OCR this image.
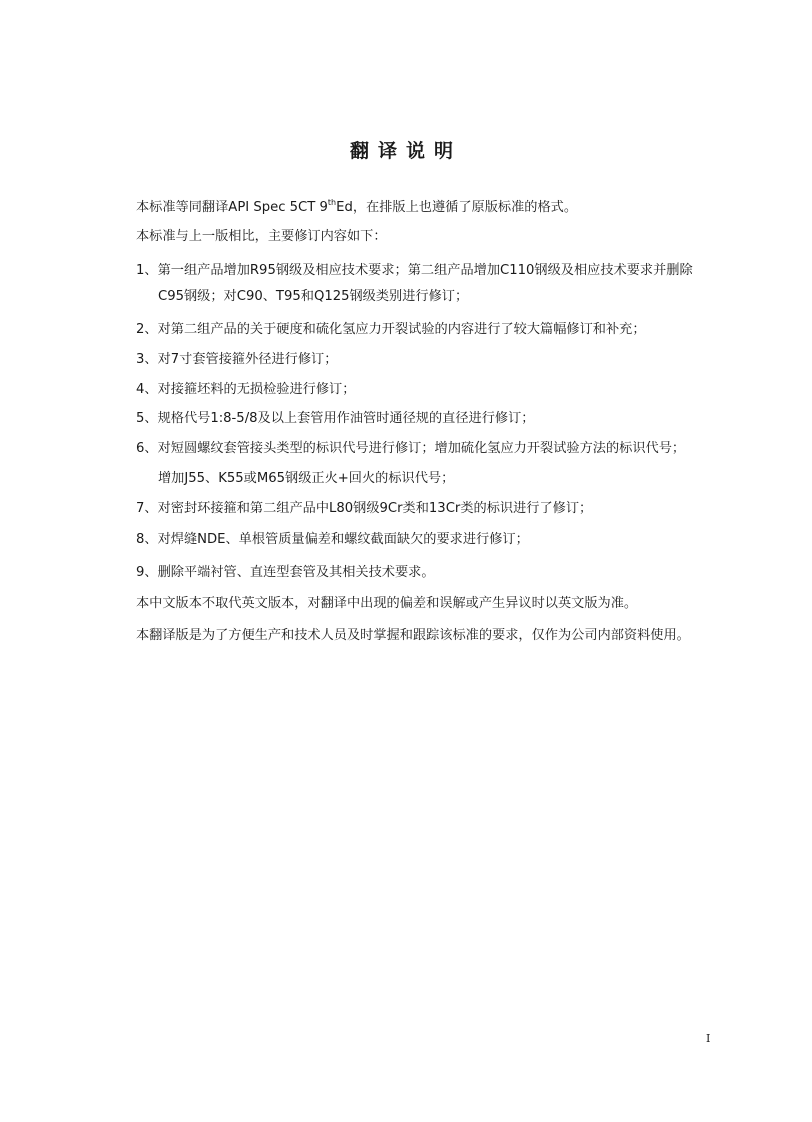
翻译说明
本标准等同翻译API Spec 5CT 9thEd，在排版上也遵循了原版标准的格式。
本标准与上一版相比，主要修订内容如下：
1、第一组产品增加R95钢级及相应技术要求；第二组产品增加C110钢级及相应技术要求并删除
C95钢级；对C90、T95和Q125钢级类别进行修订；
2、对第二组产品的关于硬度和硫化氢应力开裂试验的内容进行了较大篇幅修订和补充；
3、对7寸套管接箍外径进行修订；
4、对接箍坯料的无损检验进行修订；
5、规格代号1:8-5/8及以上套管用作油管时通径规的直径进行修订；
6、对短圆螺纹套管接头类型的标识代号进行修订；增加硫化氢应力开裂试验方法的标识代号；
增加J55、K55或M65钢级正火+回火的标识代号；
7、对密封环接箍和第二组产品中L80钢级9Cr类和13Cr类的标识进行了修订；
8、对焊缝NDE、单根管质量偏差和螺纹截面缺欠的要求进行修订；
9、删除平端衬管、直连型套管及其相关技术要求。
本中文版本不取代英文版本，对翻译中出现的偏差和误解或产生异议时以英文版为准。
本翻译版是为了方便生产和技术人员及时掌握和跟踪该标准的要求，仅作为公司内部资料使用。
I
